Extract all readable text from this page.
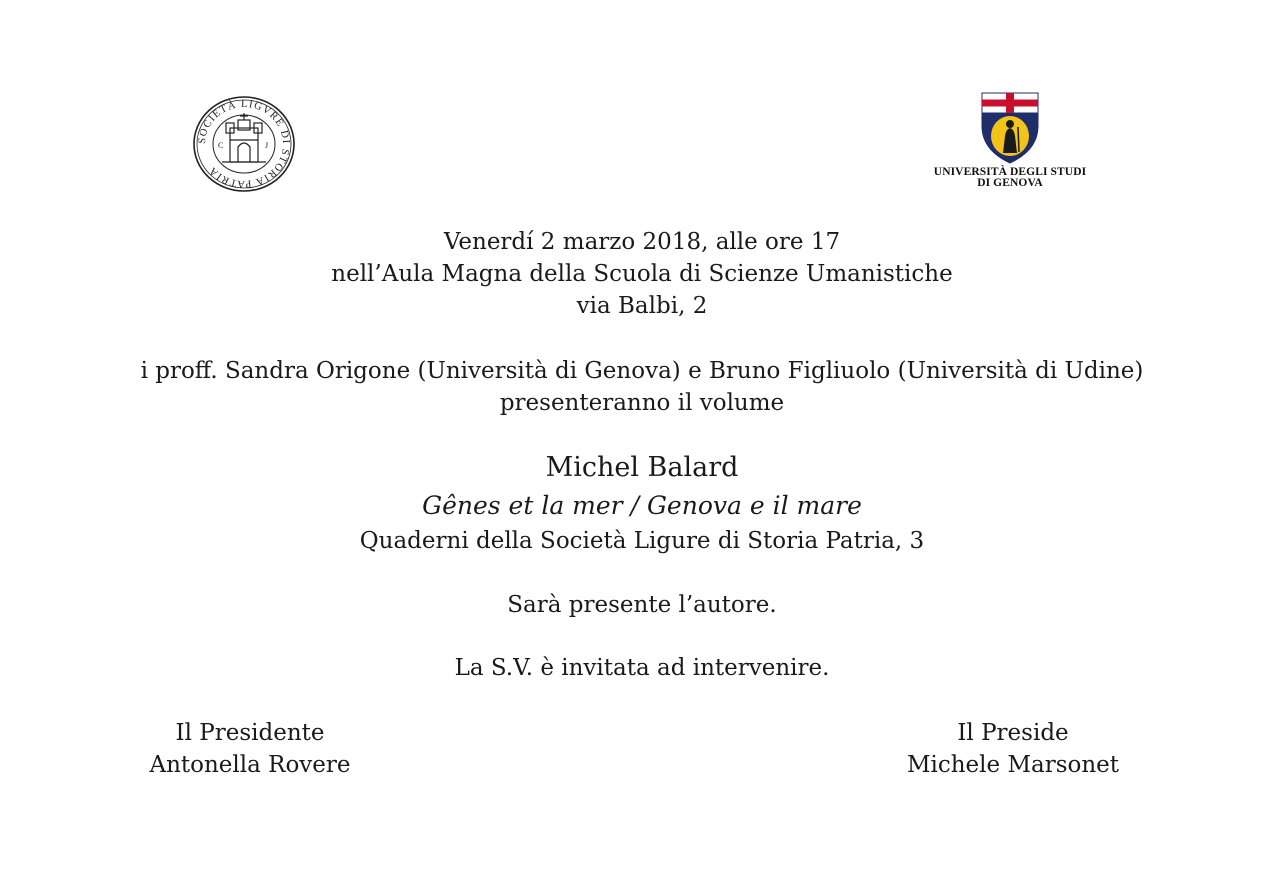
SOCIETÀ LIGVRE DI STORIA PATRIA
C	J
UNIVERSITÀ DEGLI STUDI
DI GENOVA
Venerdí 2 marzo 2018, alle ore 17
nell’Aula Magna della Scuola di Scienze Umanistiche
via Balbi, 2
i proff. Sandra Origone (Università di Genova) e Bruno Figliuolo (Università di Udine)
presenteranno il volume
Michel Balard
Gênes et la mer / Genova e il mare
Quaderni della Società Ligure di Storia Patria, 3
Sarà presente l’autore.
La S.V. è invitata ad intervenire.
Il Presidente
Antonella Rovere
Il Preside
Michele Marsonet
